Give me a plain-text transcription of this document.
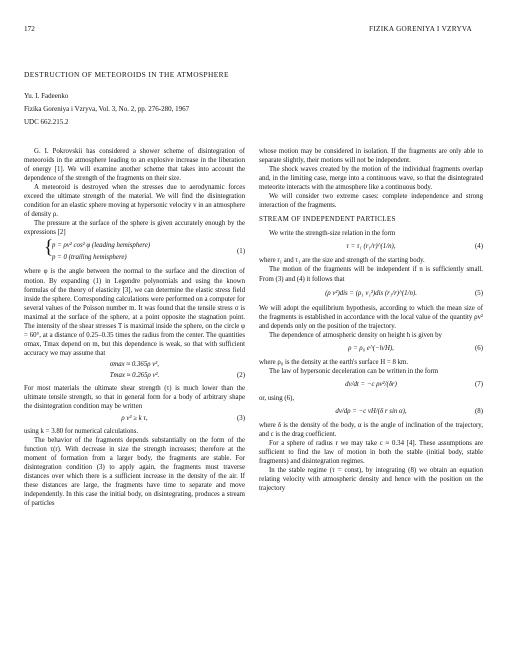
172	FIZIKA GORENIYA I VZRYVA
DESTRUCTION OF METEOROIDS IN THE ATMOSPHERE
Yu. I. Fadeenko
Fizika Goreniya i Vzryva, Vol. 3, No. 2, pp. 276-280, 1967
UDC 662.215.2

G. I. Pokrovskii has considered a shower scheme of disintegration of meteoroids in the atmosphere leading to an explosive increase in the liberation of energy [1]. We will examine another scheme that takes into account the dependence of the strength of the fragments on their size.

A meteoroid is destroyed when the stresses due to aerodynamic forces exceed the ultimate strength of the material. We will find the disintegration condition for an elastic sphere moving at hypersonic velocity v in an atmosphere of density ρ.

The pressure at the surface of the sphere is given accurately enough by the expressions [2]

{
p = ρv² cos² φ (leading hemisphere)
p = 0 (trailing hemisphere)
(1)

where φ is the angle between the normal to the surface and the direction of motion. By expanding (1) in Legendre polynomials and using the known formulas of the theory of elasticity [3], we can determine the elastic stress field inside the sphere. Corresponding calculations were performed on a computer for several values of the Poisson number m. It was found that the tensile stress σ is maximal at the surface of the sphere, at a point opposite the stagnation point. The intensity of the shear stresses T is maximal inside the sphere, on the circle φ = 60°, at a distance of 0.25–0.35 times the radius from the center. The quantities σmax, Tmax depend on m, but this dependence is weak, so that with sufficient accuracy we may assume that

σmax ≈ 0.365ρ v²,
Tmax ≈ 0.265ρ v².	(2)

For most materials the ultimate shear strength (τ) is much lower than the ultimate tensile strength, so that in general form for a body of arbitrary shape the disintegration condition may be written

ρ v² ≥ k τ,	(3)

using k = 3.80 for numerical calculations.

The behavior of the fragments depends substantially on the form of the function τ(r). With decrease in size the strength increases; therefore at the moment of formation from a larger body, the fragments are stable. For disintegration condition (3) to apply again, the fragments must traverse distances over which there is a sufficient increase in the density of the air. If these distances are large, the fragments have time to separate and move independently. In this case the initial body, on disintegrating, produces a stream of particles

whose motion may be considered in isolation. If the fragments are only able to separate slightly, their motions will not be independent.

The shock waves created by the motion of the individual fragments overlap and, in the limiting case, merge into a continuous wave, so that the disintegrated meteorite interacts with the atmosphere like a continuous body.

We will consider two extreme cases: complete independence and strong interaction of the fragments.

STREAM OF INDEPENDENT PARTICLES

We write the strength-size relation in the form

τ = τ₁ (r₁/r)^(1/n),	(4)

where r₁ and τ₁ are the size and strength of the starting body.

The motion of the fragments will be independent if n is sufficiently small. From (3) and (4) it follows that

(ρ v²)dis = (ρ₁ v₁²)dis (r₁/r)^(1/n).	(5)

We will adopt the equilibrium hypothesis, according to which the mean size of the fragments is established in accordance with the local value of the quantity ρv² and depends only on the position of the trajectory.

The dependence of atmospheric density on height h is given by

ρ = ρ₀ e^(−h/H),	(6)

where ρ₀ is the density at the earth's surface H = 8 km.

The law of hypersonic deceleration can be written in the form

dv/dt = −c ρv²/(δr)	(7)

or, using (6),

dv/dρ = −c vH/(δ r sin α),	(8)

where δ is the density of the body, α is the angle of inclination of the trajectory, and c is the drag coefficient.

For a sphere of radius r we may take c ≈ 0.34 [4]. These assumptions are sufficient to find the law of motion in both the stable (initial body, stable fragments) and disintegration regimes.

In the stable regime (τ = const), by integrating (8) we obtain an equation relating velocity with atmospheric density and hence with the position on the trajectory
